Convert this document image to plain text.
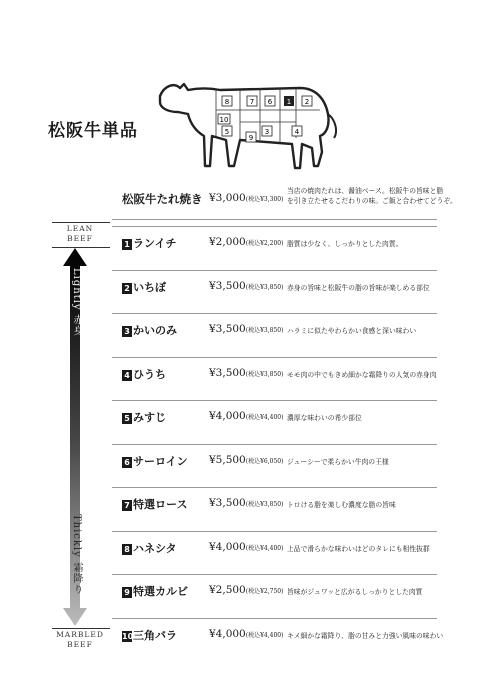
松阪牛単品
8	7 6 1 2
10
5	3	4
9
LEAN
BEEF
Lightly 赤身
Thickly 霜降り
MARBLED
BEEF
松阪牛たれ焼き ¥3,000(税込¥3,300)
当店の焼肉たれは、醤油ベース。松阪牛の旨味と脂
を引き立たせるこだわりの味。ご飯と合わせてどうぞ。
1 ランイチ	¥2,000(税込¥2,200) 脂質は少なく、しっかりとした肉質。
2 いちぼ	¥3,500(税込¥3,850) 赤身の旨味と松阪牛の脂の旨味が楽しめる部位
3 かいのみ	¥3,500(税込¥3,850) ハラミに似たやわらかい食感と深い味わい
4 ひうち	¥3,500(税込¥3,850) モモ肉の中でもきめ細かな霜降りの人気の赤身肉
5 みすじ	¥4,000(税込¥4,400) 濃厚な味わいの希少部位
6 サーロイン ¥5,500(税込¥6,050) ジューシーで柔らかい牛肉の王様
7 特選ロース ¥3,500(税込¥3,850) トロける脂を楽しむ濃度な脂の旨味
8 ハネシタ	¥4,000(税込¥4,400) 上品で滑らかな味わいはどのタレにも相性抜群
9 特選カルビ ¥2,500(税込¥2,750) 旨味がジュワッと広がるしっかりとした肉質
10三角バラ	¥4,000(税込¥4,400) キメ細かな霜降り、脂の甘みと力強い風味の味わい
